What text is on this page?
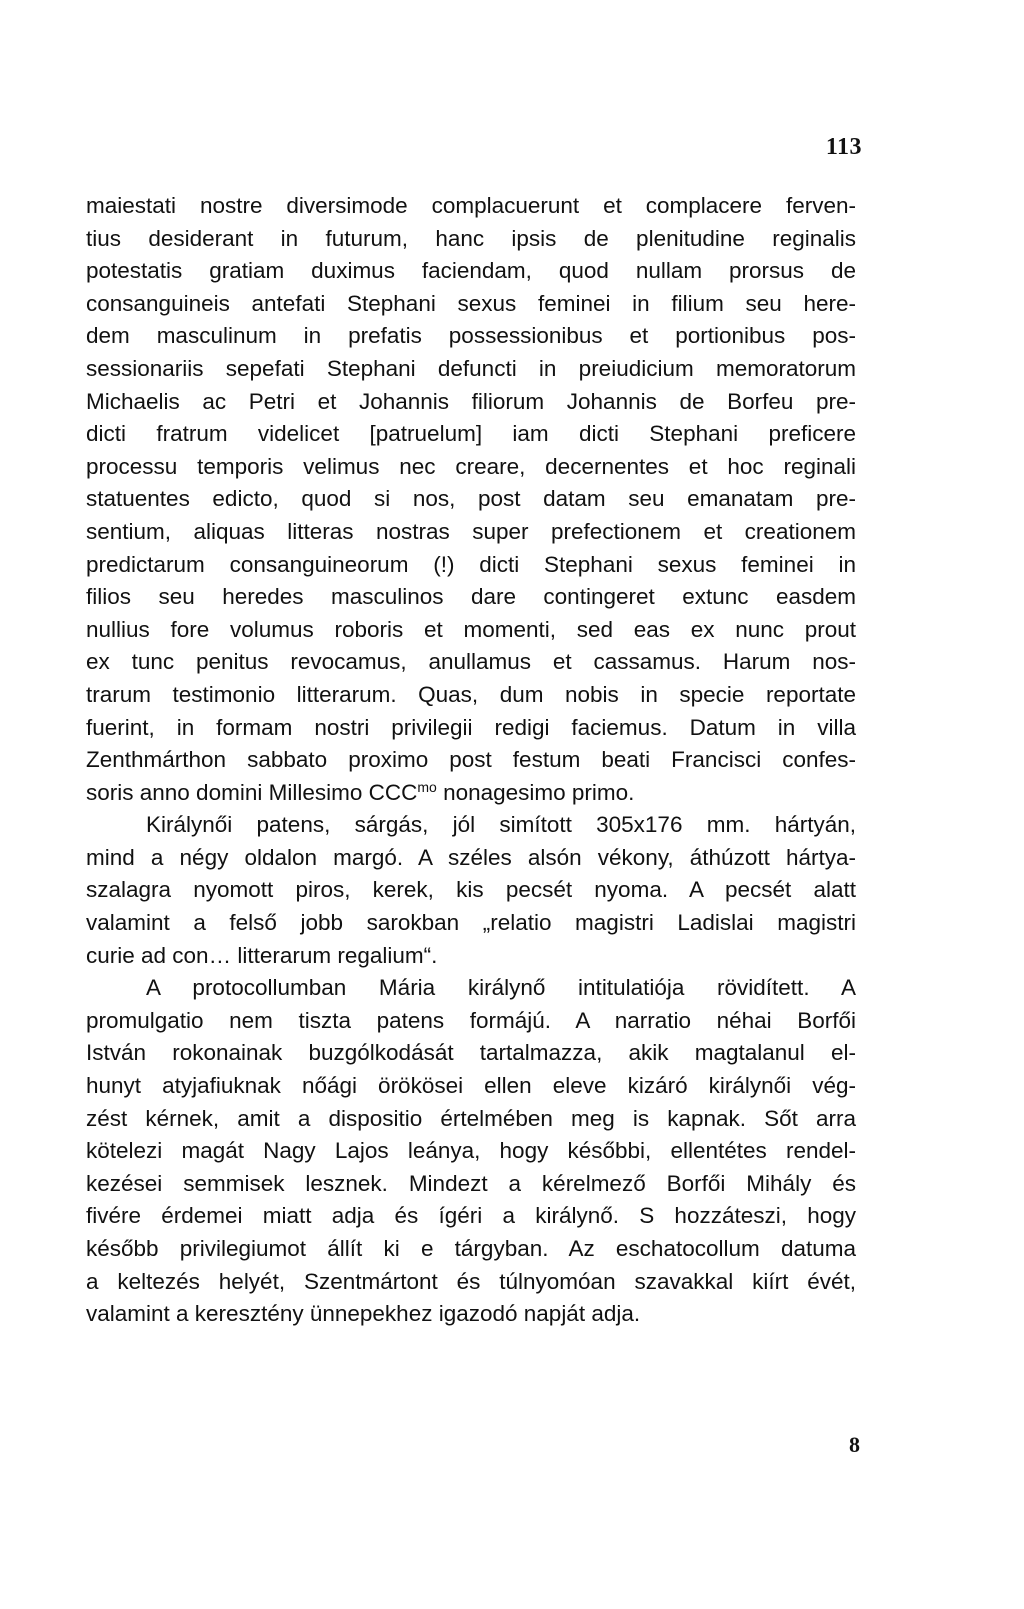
113
maiestati nostre diversimode complacuerunt et complacere ferven-
tius desiderant in futurum, hanc ipsis de plenitudine reginalis
potestatis gratiam duximus faciendam, quod nullam prorsus de
consanguineis antefati Stephani sexus feminei in filium seu here-
dem masculinum in prefatis possessionibus et portionibus pos-
sessionariis sepefati Stephani defuncti in preiudicium memoratorum
Michaelis ac Petri et Johannis filiorum Johannis de Borfeu pre-
dicti fratrum videlicet [patruelum] iam dicti Stephani preficere
processu temporis velimus nec creare, decernentes et hoc reginali
statuentes edicto, quod si nos, post datam seu emanatam pre-
sentium, aliquas litteras nostras super prefectionem et creationem
predictarum consanguineorum (!) dicti Stephani sexus feminei in
filios seu heredes masculinos dare contingeret extunc easdem
nullius fore volumus roboris et momenti, sed eas ex nunc prout
ex tunc penitus revocamus, anullamus et cassamus. Harum nos-
trarum testimonio litterarum. Quas, dum nobis in specie reportate
fuerint, in formam nostri privilegii redigi faciemus. Datum in villa
Zenthmárthon sabbato proximo post festum beati Francisci confes-
soris anno domini Millesimo $CCC^{mo}$ nonagesimo primo.
Királynői patens, sárgás, jól simított 305x176 mm. hártyán,
mind a négy oldalon margó. A széles alsón vékony, áthúzott hártya-
szalagra nyomott piros, kerek, kis pecsét nyoma. A pecsét alatt
valamint a felső jobb sarokban „relatio magistri Ladislai magistri
curie ad con… litterarum regalium“.
A protocollumban Mária királynő intitulatiója rövidített. A
promulgatio nem tiszta patens formájú. A narratio néhai Borfői
István rokonainak buzgólkodását tartalmazza, akik magtalanul el-
hunyt atyjafiuknak nőági örökösei ellen eleve kizáró királynői vég-
zést kérnek, amit a dispositio értelmében meg is kapnak. Sőt arra
kötelezi magát Nagy Lajos leánya, hogy későbbi, ellentétes rendel-
kezései semmisek lesznek. Mindezt a kérelmező Borfői Mihály és
fivére érdemei miatt adja és ígéri a királynő. S hozzáteszi, hogy
később privilegiumot állít ki e tárgyban. Az eschatocollum datuma
a keltezés helyét, Szentmártont és túlnyomóan szavakkal kiírt évét,
valamint a keresztény ünnepekhez igazodó napját adja.
8
